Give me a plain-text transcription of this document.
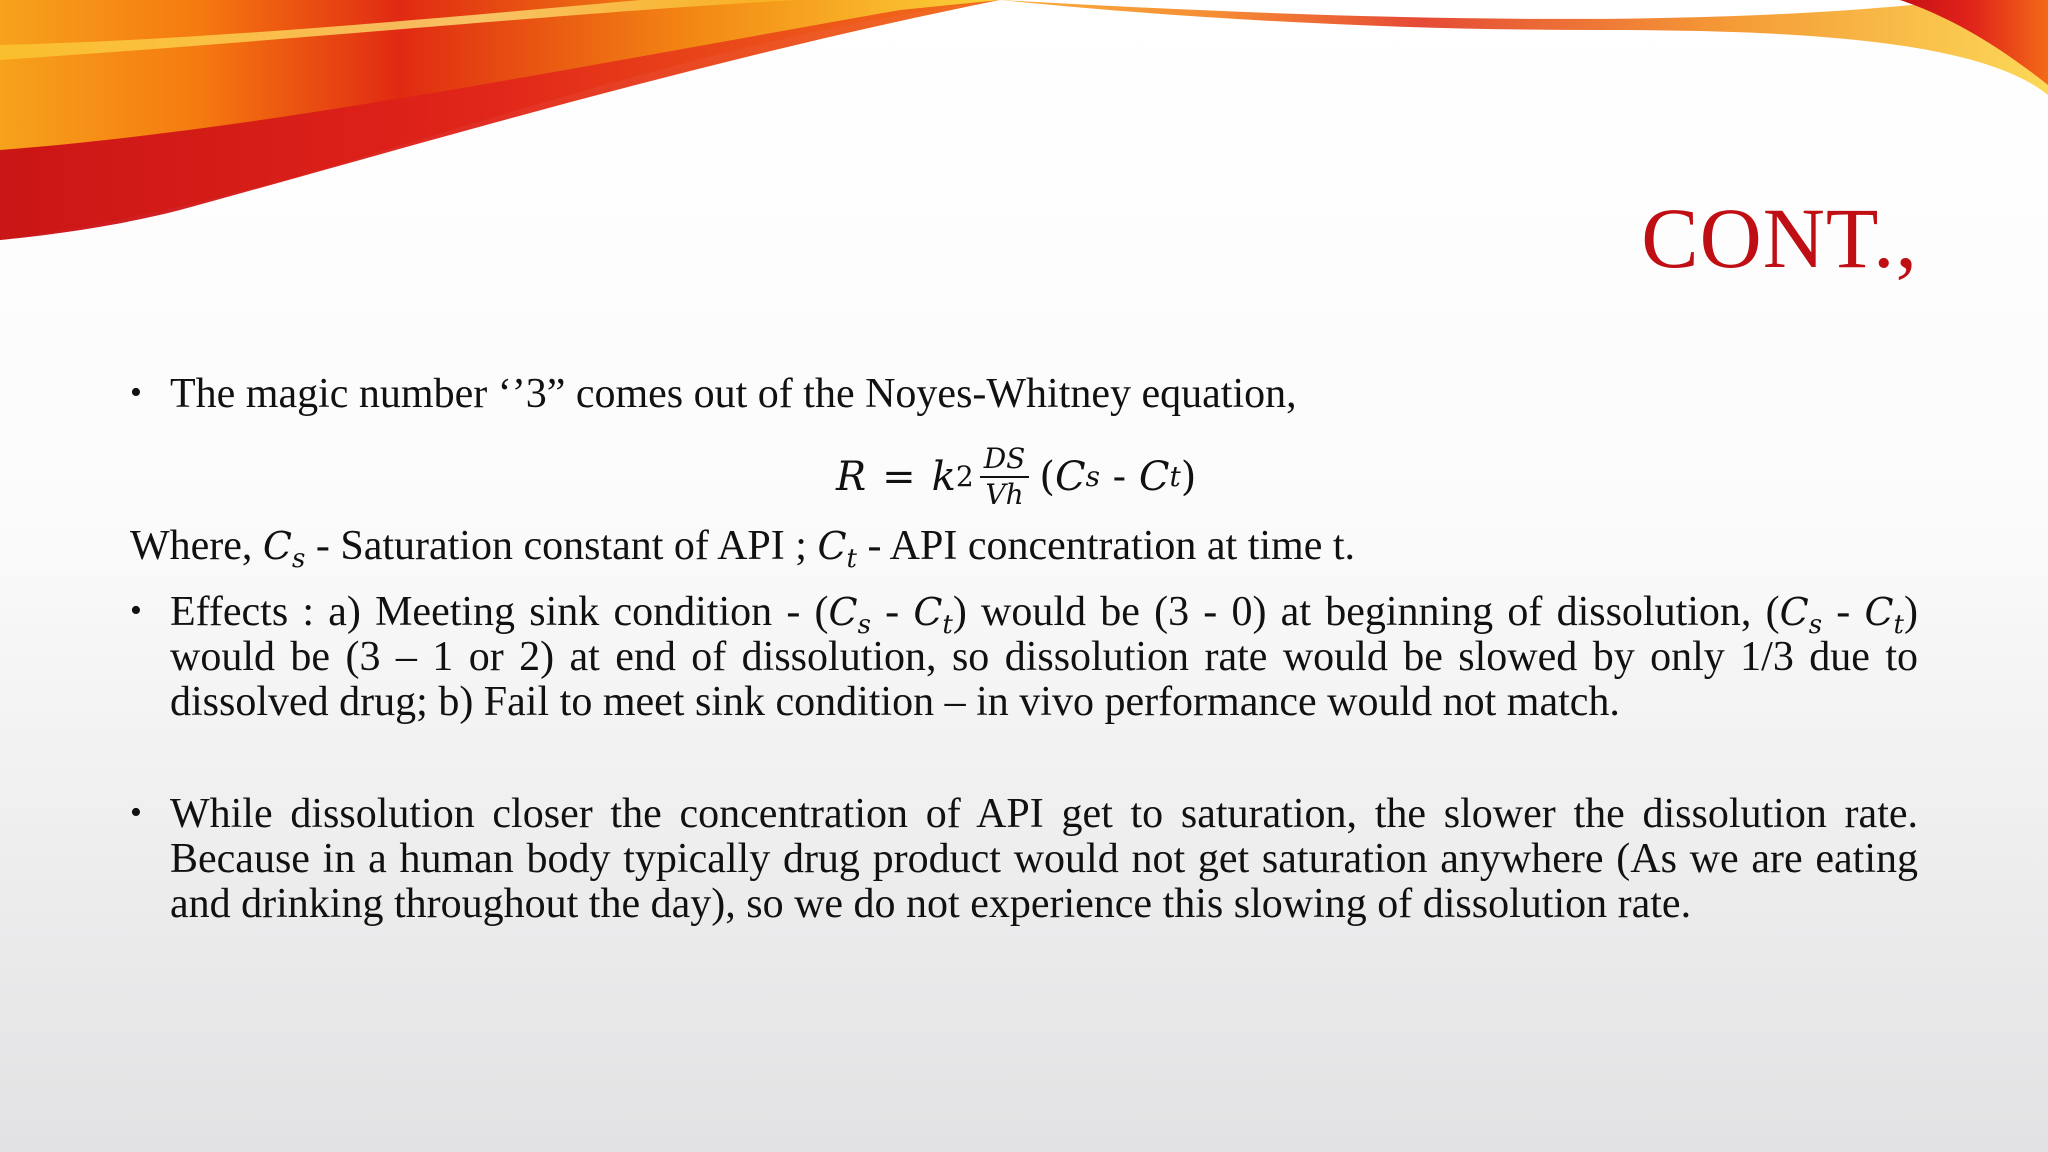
CONT.,
• The magic number ‘’3” comes out of the Noyes-Whitney equation,
R = k $2 \frac{DS}{Vh}$ ( C s - C t )
Where, $C_s$ - Saturation constant of API ; $C_t$ - API concentration at time t.
• Effects : a) Meeting sink condition - $(C_s - C_t)$ would be (3 - 0) at beginning of dissolution, $(C_s - C_t)$ would be (3 – 1 or 2) at end of dissolution, so dissolution rate would be slowed by only 1/3 due to dissolved drug; b) Fail to meet sink condition – in vivo performance would not match.
• While dissolution closer the concentration of API get to saturation, the slower the dissolution rate. Because in a human body typically drug product would not get saturation anywhere (As we are eating and drinking throughout the day), so we do not experience this slowing of dissolution rate.
